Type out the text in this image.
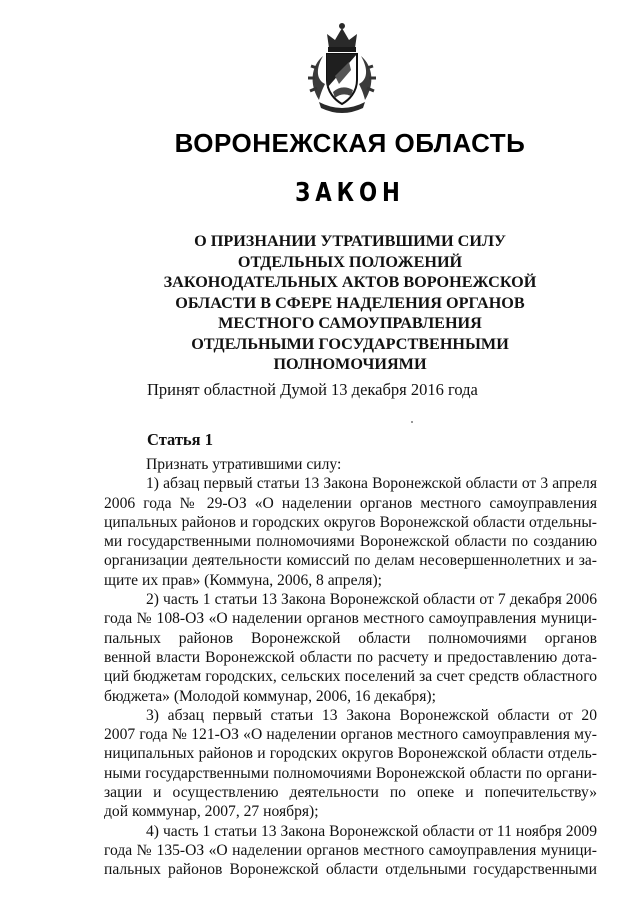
ВОРОНЕЖСКАЯ ОБЛАСТЬ
ЗАКОН
О ПРИЗНАНИИ УТРАТИВШИМИ СИЛУ
ОТДЕЛЬНЫХ ПОЛОЖЕНИЙ
ЗАКОНОДАТЕЛЬНЫХ АКТОВ ВОРОНЕЖСКОЙ
ОБЛАСТИ В СФЕРЕ НАДЕЛЕНИЯ ОРГАНОВ
МЕСТНОГО САМОУПРАВЛЕНИЯ
ОТДЕЛЬНЫМИ ГОСУДАРСТВЕННЫМИ
ПОЛНОМОЧИЯМИ
Принят областной Думой 13 декабря 2016 года
Статья 1
Признать утратившими силу:
1) абзац первый статьи 13 Закона Воронежской области от 3 апреля
2006 года № 29-ОЗ «О наделении органов местного самоуправления
ципальных районов и городских округов Воронежской области отдельны-
ми государственными полномочиями Воронежской области по созданию
организации деятельности комиссий по делам несовершеннолетних и за-
щите их прав» (Коммуна, 2006, 8 апреля);
2) часть 1 статьи 13 Закона Воронежской области от 7 декабря 2006
года № 108-ОЗ «О наделении органов местного самоуправления муници-
пальных районов Воронежской области полномочиями органов
венной власти Воронежской области по расчету и предоставлению дота-
ций бюджетам городских, сельских поселений за счет средств областного
бюджета» (Молодой коммунар, 2006, 16 декабря);
3) абзац первый статьи 13 Закона Воронежской области от 20
2007 года № 121-ОЗ «О наделении органов местного самоуправления му-
ниципальных районов и городских округов Воронежской области отдель-
ными государственными полномочиями Воронежской области по органи-
зации и осуществлению деятельности по опеке и попечительству»
дой коммунар, 2007, 27 ноября);
4) часть 1 статьи 13 Закона Воронежской области от 11 ноября 2009
года № 135-ОЗ «О наделении органов местного самоуправления муници-
пальных районов Воронежской области отдельными государственными
